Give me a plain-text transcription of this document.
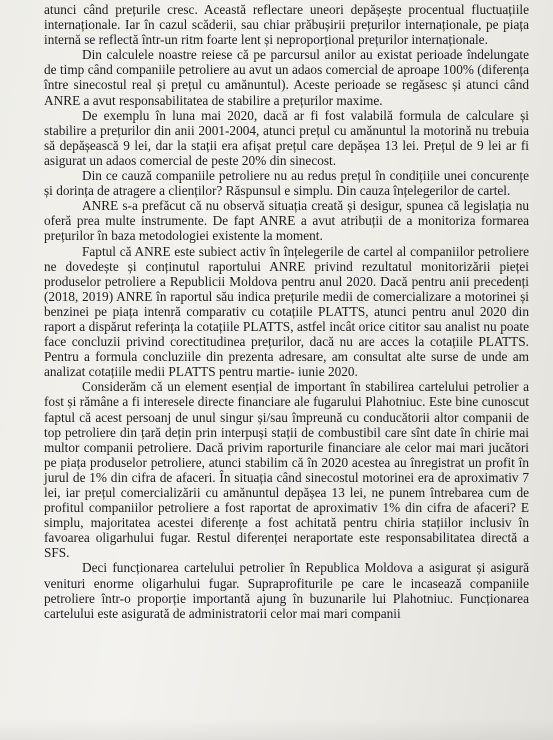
atunci când prețurile cresc. Această reflectare uneori depășește procentual fluctuațiile internaționale. Iar în cazul scăderii, sau chiar prăbușirii prețurilor internaționale, pe piața internă se reflectă într-un ritm foarte lent și neproporțional prețurilor internaționale.

Din calculele noastre reiese că pe parcursul anilor au existat perioade îndelungate de timp când companiile petroliere au avut un adaos comercial de aproape 100% (diferența între sinecostul real și prețul cu amănuntul). Aceste perioade se regăsesc și atunci când ANRE a avut responsabilitatea de stabilire a prețurilor maxime.

De exemplu în luna mai 2020, dacă ar fi fost valabilă formula de calculare și stabilire a prețurilor din anii 2001-2004, atunci prețul cu amănuntul la motorină nu trebuia să depășească 9 lei, dar la stații era afișat prețul care depășea 13 lei. Prețul de 9 lei ar fi asigurat un adaos comercial de peste 20% din sinecost.

Din ce cauză companiile petroliere nu au redus prețul în condițiile unei concurențe și dorința de atragere a clienților? Răspunsul e simplu. Din cauza înțelegerilor de cartel.

ANRE s-a prefăcut că nu observă situația creată și desigur, spunea că legislația nu oferă prea multe instrumente. De fapt ANRE a avut atribuții de a monitoriza formarea prețurilor în baza metodologiei existente la moment.

Faptul că ANRE este subiect activ în înțelegerile de cartel al companiilor petroliere ne dovedește și conținutul raportului ANRE privind rezultatul monitorizării pieței produselor petroliere a Republicii Moldova pentru anul 2020. Dacă pentru anii precedenți (2018, 2019) ANRE în raportul său indica prețurile medii de comercializare a motorinei și benzinei pe piața intenră comparativ cu cotațiile PLATTS, atunci pentru anul 2020 din raport a dispărut referința la cotațiile PLATTS, astfel incât orice cititor sau analist nu poate face concluzii privind corectitudinea prețurilor, dacă nu are acces la cotațiile PLATTS. Pentru a formula concluziile din prezenta adresare, am consultat alte surse de unde am analizat cotațiile medii PLATTS pentru martie- iunie 2020.

Considerăm că un element esențial de important în stabilirea cartelului petrolier a fost și rămâne a fi interesele directe financiare ale fugarului Plahotniuc. Este bine cunoscut faptul că acest persoanj de unul singur și/sau împreună cu conducătorii altor companii de top petroliere din țară dețin prin interpuși stații de combustibil care sînt date în chirie mai multor companii petroliere. Dacă privim raporturile financiare ale celor mai mari jucători pe piața produselor petroliere, atunci stabilim că în 2020 acestea au înregistrat un profit în jurul de 1% din cifra de afaceri. În situația când sinecostul motorinei era de aproximativ 7 lei, iar prețul comercializării cu amănuntul depășea 13 lei, ne punem întrebarea cum de profitul companiilor petroliere a fost raportat de aproximativ 1% din cifra de afaceri? E simplu, majoritatea acestei diferențe a fost achitată pentru chiria stațiilor inclusiv în favoarea oligarhului fugar. Restul diferenței neraportate este responsabilitatea directă a SFS.

Deci funcționarea cartelului petrolier în Republica Moldova a asigurat și asigură venituri enorme oligarhului fugar. Supraprofiturile pe care le incasează companiile petroliere într-o proporție importantă ajung în buzunarile lui Plahotniuc. Funcționarea cartelului este asigurată de administratorii celor mai mari companii
